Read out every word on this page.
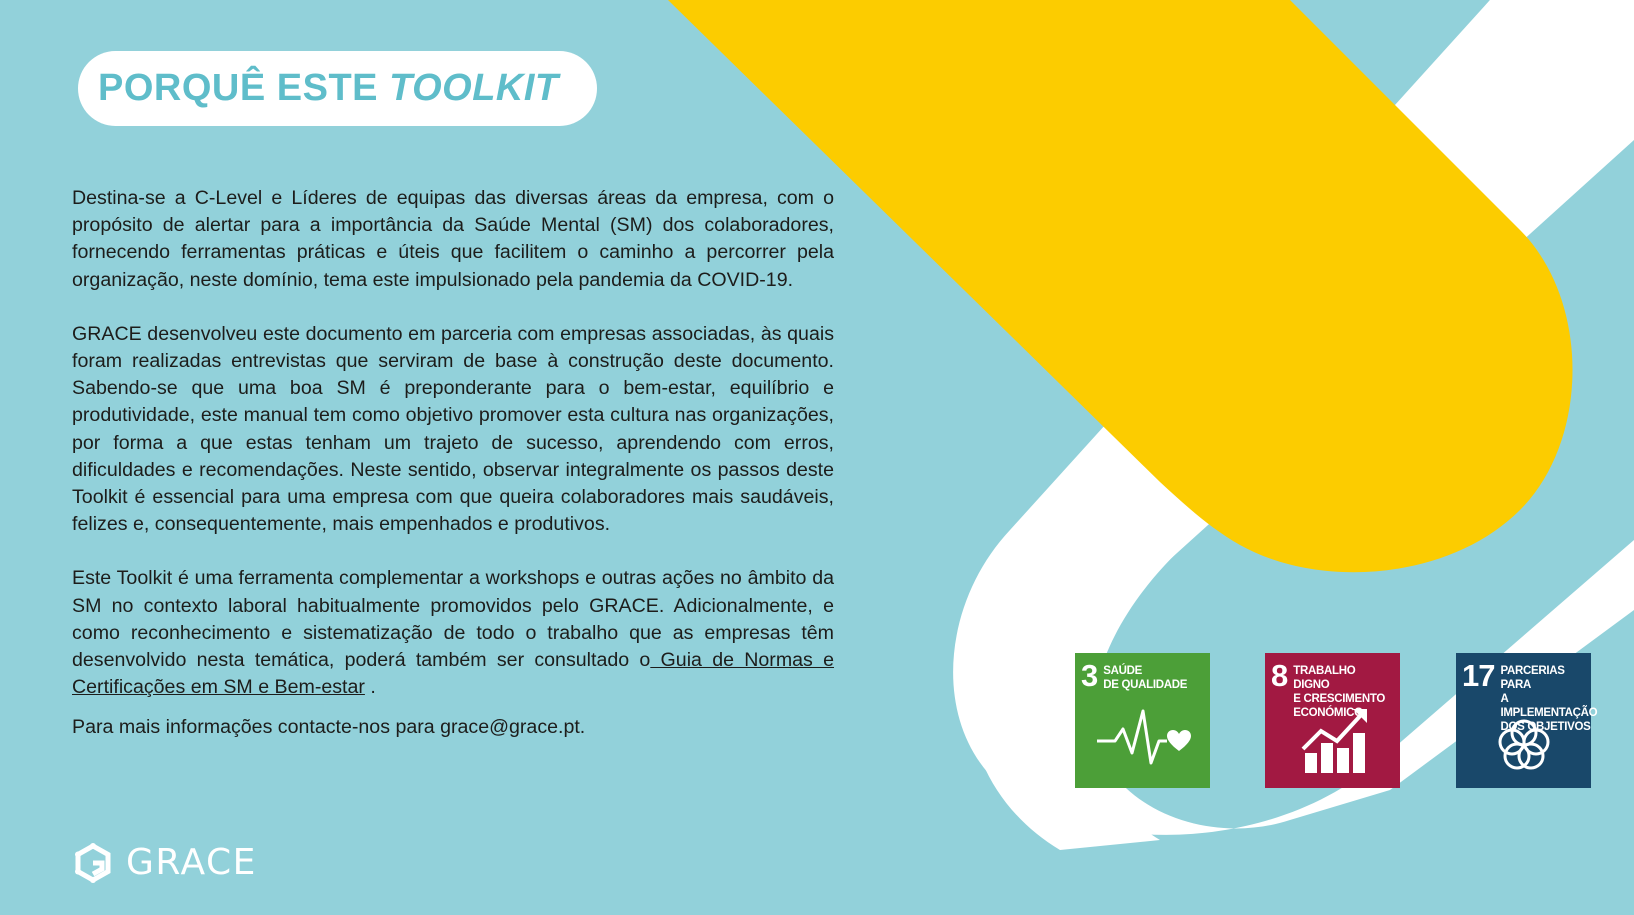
PORQUÊ ESTE TOOLKIT

Destina-se a C-Level e Líderes de equipas das diversas áreas da empresa, com o propósito de alertar para a importância da Saúde Mental (SM) dos colaboradores, fornecendo ferramentas práticas e úteis que facilitem o caminho a percorrer pela organização, neste domínio, tema este impulsionado pela pandemia da COVID-19.

GRACE desenvolveu este documento em parceria com empresas associadas, às quais foram realizadas entrevistas que serviram de base à construção deste documento. Sabendo-se que uma boa SM é preponderante para o bem-estar, equilíbrio e produtividade, este manual tem como objetivo promover esta cultura nas organizações, por forma a que estas tenham um trajeto de sucesso, aprendendo com erros, dificuldades e recomendações. Neste sentido, observar integralmente os passos deste Toolkit é essencial para uma empresa com que queira colaboradores mais saudáveis, felizes e, consequentemente, mais empenhados e produtivos.

Este Toolkit é uma ferramenta complementar a workshops e outras ações no âmbito da SM no contexto laboral habitualmente promovidos pelo GRACE. Adicionalmente, e como reconhecimento e sistematização de todo o trabalho que as empresas têm desenvolvido nesta temática, poderá também ser consultado o Guia de Normas e Certificações em SM e Bem-estar .

Para mais informações contacte-nos para grace@grace.pt.

GRACE
3 SAÚDE
DE QUALIDADE	8 TRABALHO DIGNO
E CRESCIMENTO
ECONÓMICO
17 PARCERIAS PARA
A IMPLEMENTAÇÃO
DOS OBJETIVOS
